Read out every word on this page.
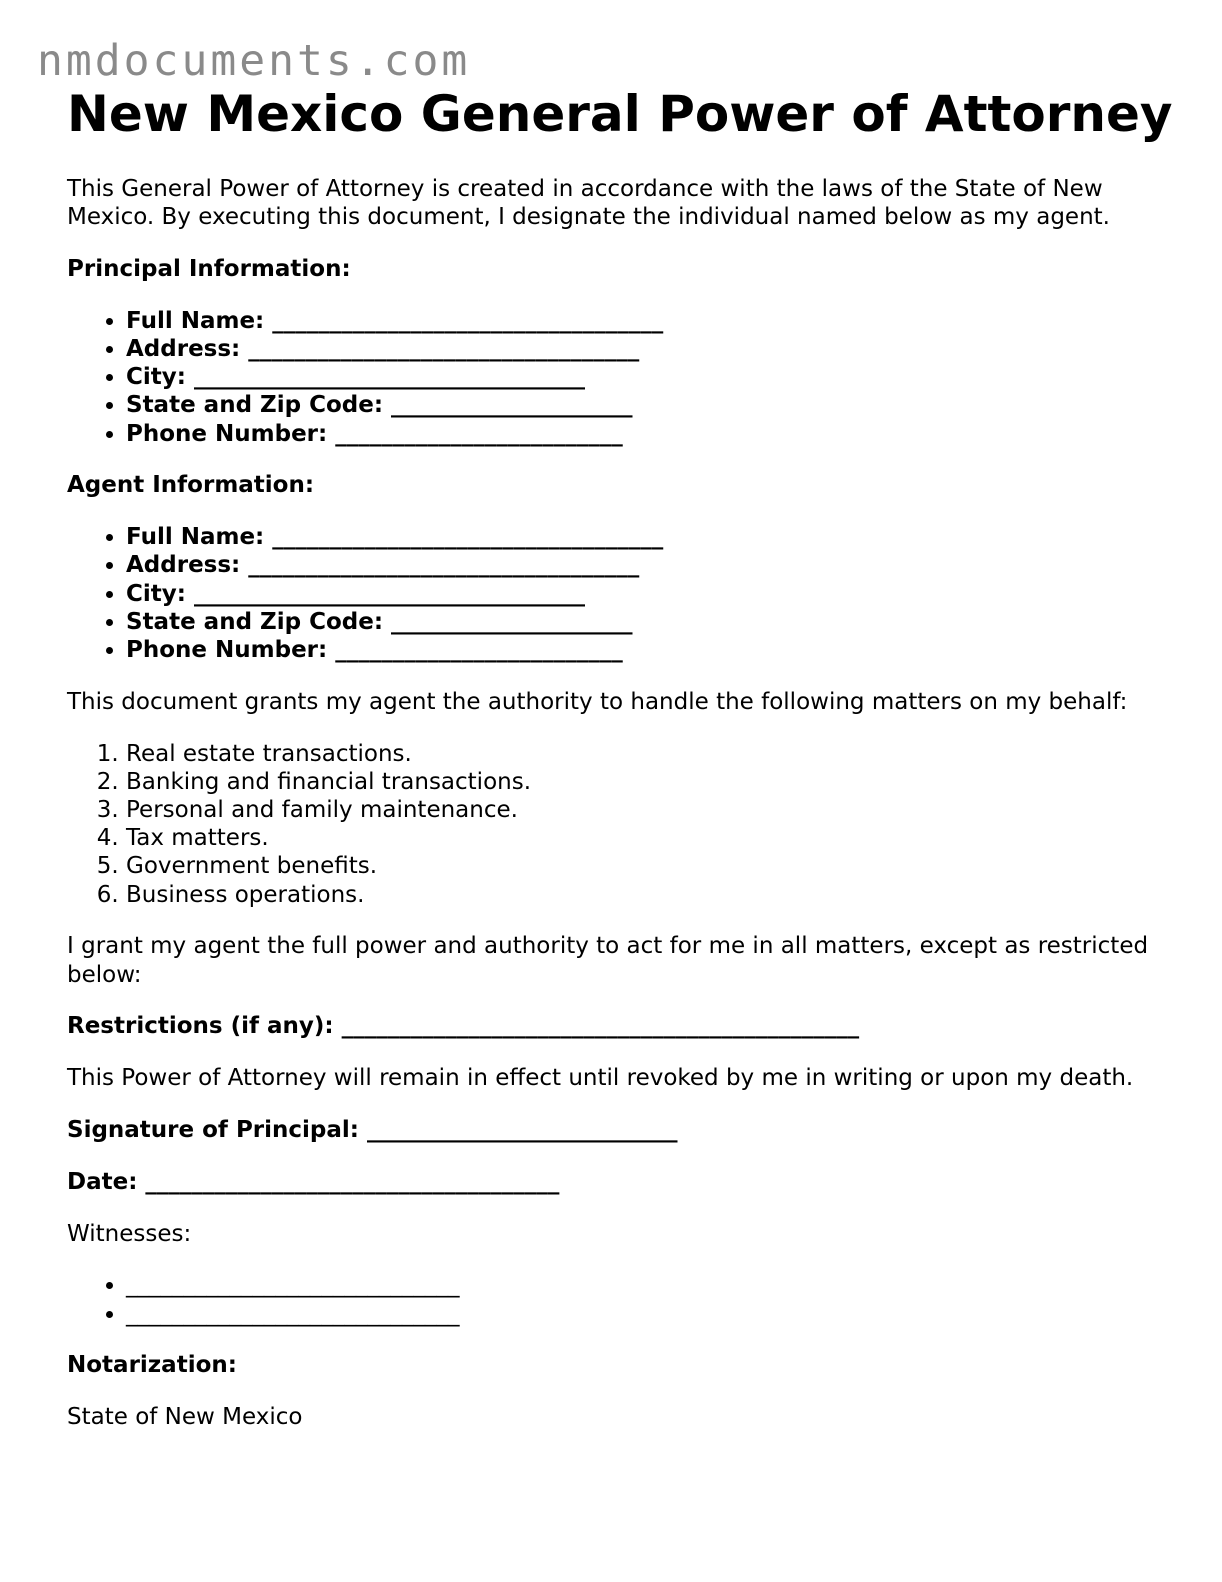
nmdocuments.com
New Mexico General Power of Attorney

This General Power of Attorney is created in accordance with the laws of the State of New Mexico. By executing this document, I designate the individual named below as my agent.

Principal Information:

• Full Name: __________________________________
• Address: __________________________________
• City: __________________________________
• State and Zip Code: _____________________
• Phone Number: _________________________

Agent Information:

• Full Name: __________________________________
• Address: __________________________________
• City: __________________________________
• State and Zip Code: _____________________
• Phone Number: _________________________

This document grants my agent the authority to handle the following matters on my behalf:

1. Real estate transactions.
2. Banking and financial transactions.
3. Personal and family maintenance.
4. Tax matters.
5. Government benefits.
6. Business operations.

I grant my agent the full power and authority to act for me in all matters, except as restricted below:

Restrictions (if any): _____________________________________________

This Power of Attorney will remain in effect until revoked by me in writing or upon my death.

Signature of Principal: ___________________________

Date: ____________________________________

Witnesses:

• _____________________________
• _____________________________

Notarization:

State of New Mexico
